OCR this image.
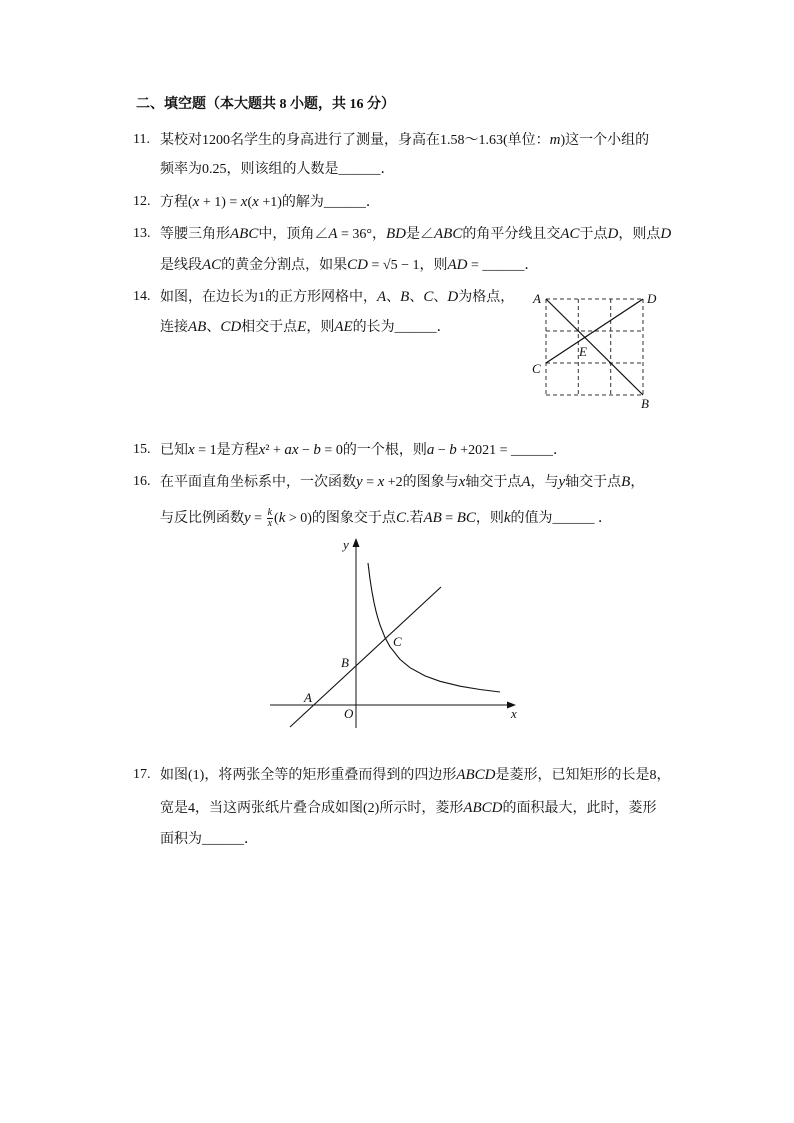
二、填空题（本大题共 8 小题，共 16 分）
11. 某校对1200名学生的身高进行了测量，身高在1.58～1.63(单位：m)这一个小组的
频率为0.25，则该组的人数是______．
12. 方程(x + 1) = x(x +1)的解为______．
13. 等腰三角形ABC中，顶角∠A = 36°，BD是∠ABC的角平分线且交AC于点D，则点D
是线段AC的黄金分割点，如果CD = √5 − 1，则AD = ______．
14. 如图，在边长为1的正方形网格中，A、B、C、D为格点，
连接AB、CD相交于点E，则AE的长为______．
A	D
C
E
B
15. 已知x = 1是方程x² + ax − b = 0的一个根，则a − b +2021 = ______．
16. 在平面直角坐标系中，一次函数y = x +2的图象与x轴交于点A，与y轴交于点B，
与反比例函数$y = \frac{k}{x} (k > 0)$的图象交于点C.若AB = BC，则k的值为______ ．
y
x
O
A
B
C
17. 如图(1)，将两张全等的矩形重叠而得到的四边形ABCD是菱形，已知矩形的长是8，
宽是4，当这两张纸片叠合成如图(2)所示时，菱形ABCD的面积最大，此时，菱形
面积为______．
